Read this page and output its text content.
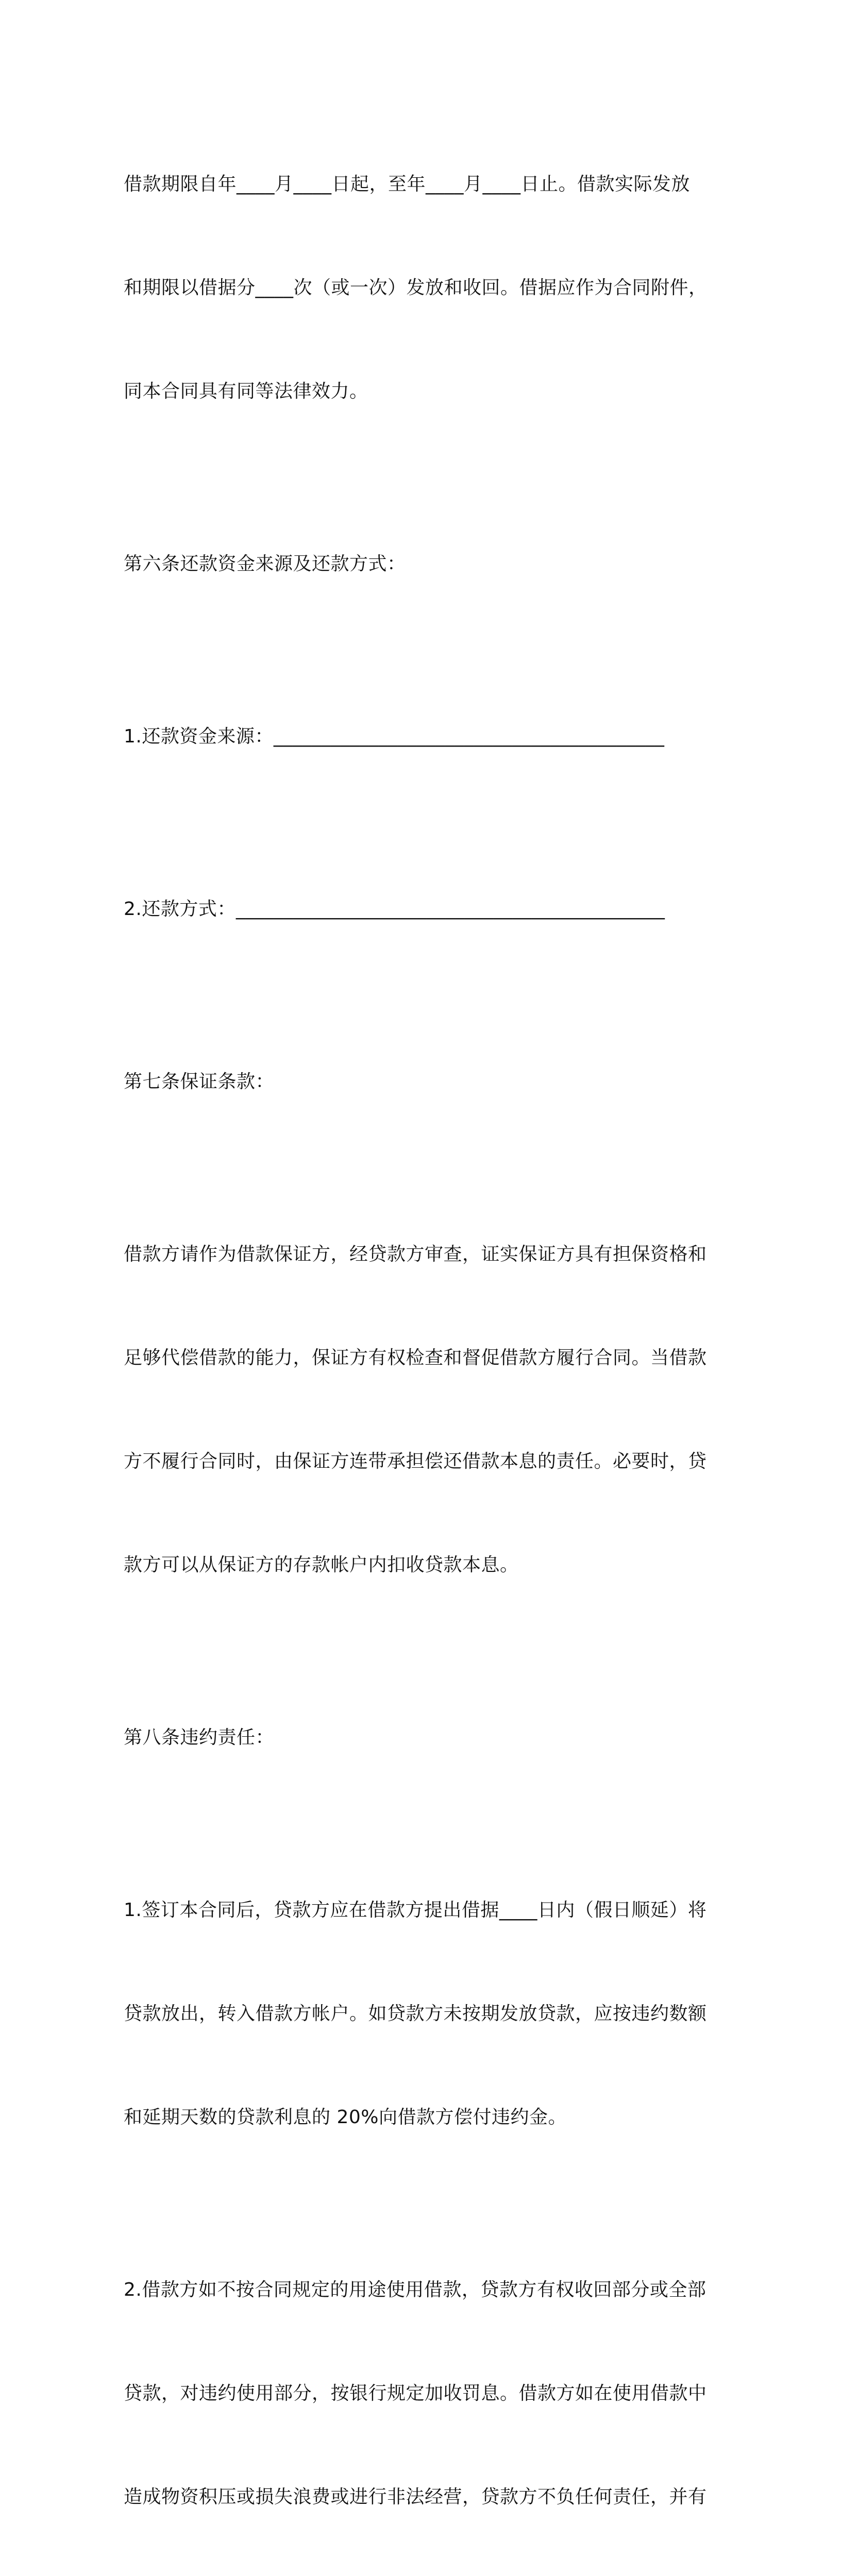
借款期限自年____月____日起，至年____月____日止。借款实际发放

和期限以借据分____次（或一次）发放和收回。借据应作为合同附件，

同本合同具有同等法律效力。

第六条还款资金来源及还款方式：

1.还款资金来源：_________________________________________

2.还款方式：_____________________________________________

第七条保证条款：

借款方请作为借款保证方，经贷款方审查，证实保证方具有担保资格和

足够代偿借款的能力，保证方有权检查和督促借款方履行合同。当借款

方不履行合同时，由保证方连带承担偿还借款本息的责任。必要时，贷

款方可以从保证方的存款帐户内扣收贷款本息。

第八条违约责任：

1.签订本合同后，贷款方应在借款方提出借据____日内（假日顺延）将

贷款放出，转入借款方帐户。如贷款方未按期发放贷款，应按违约数额

和延期天数的贷款利息的 20%向借款方偿付违约金。

2.借款方如不按合同规定的用途使用借款，贷款方有权收回部分或全部

贷款，对违约使用部分，按银行规定加收罚息。借款方如在使用借款中

造成物资积压或损失浪费或进行非法经营，贷款方不负任何责任，并有
